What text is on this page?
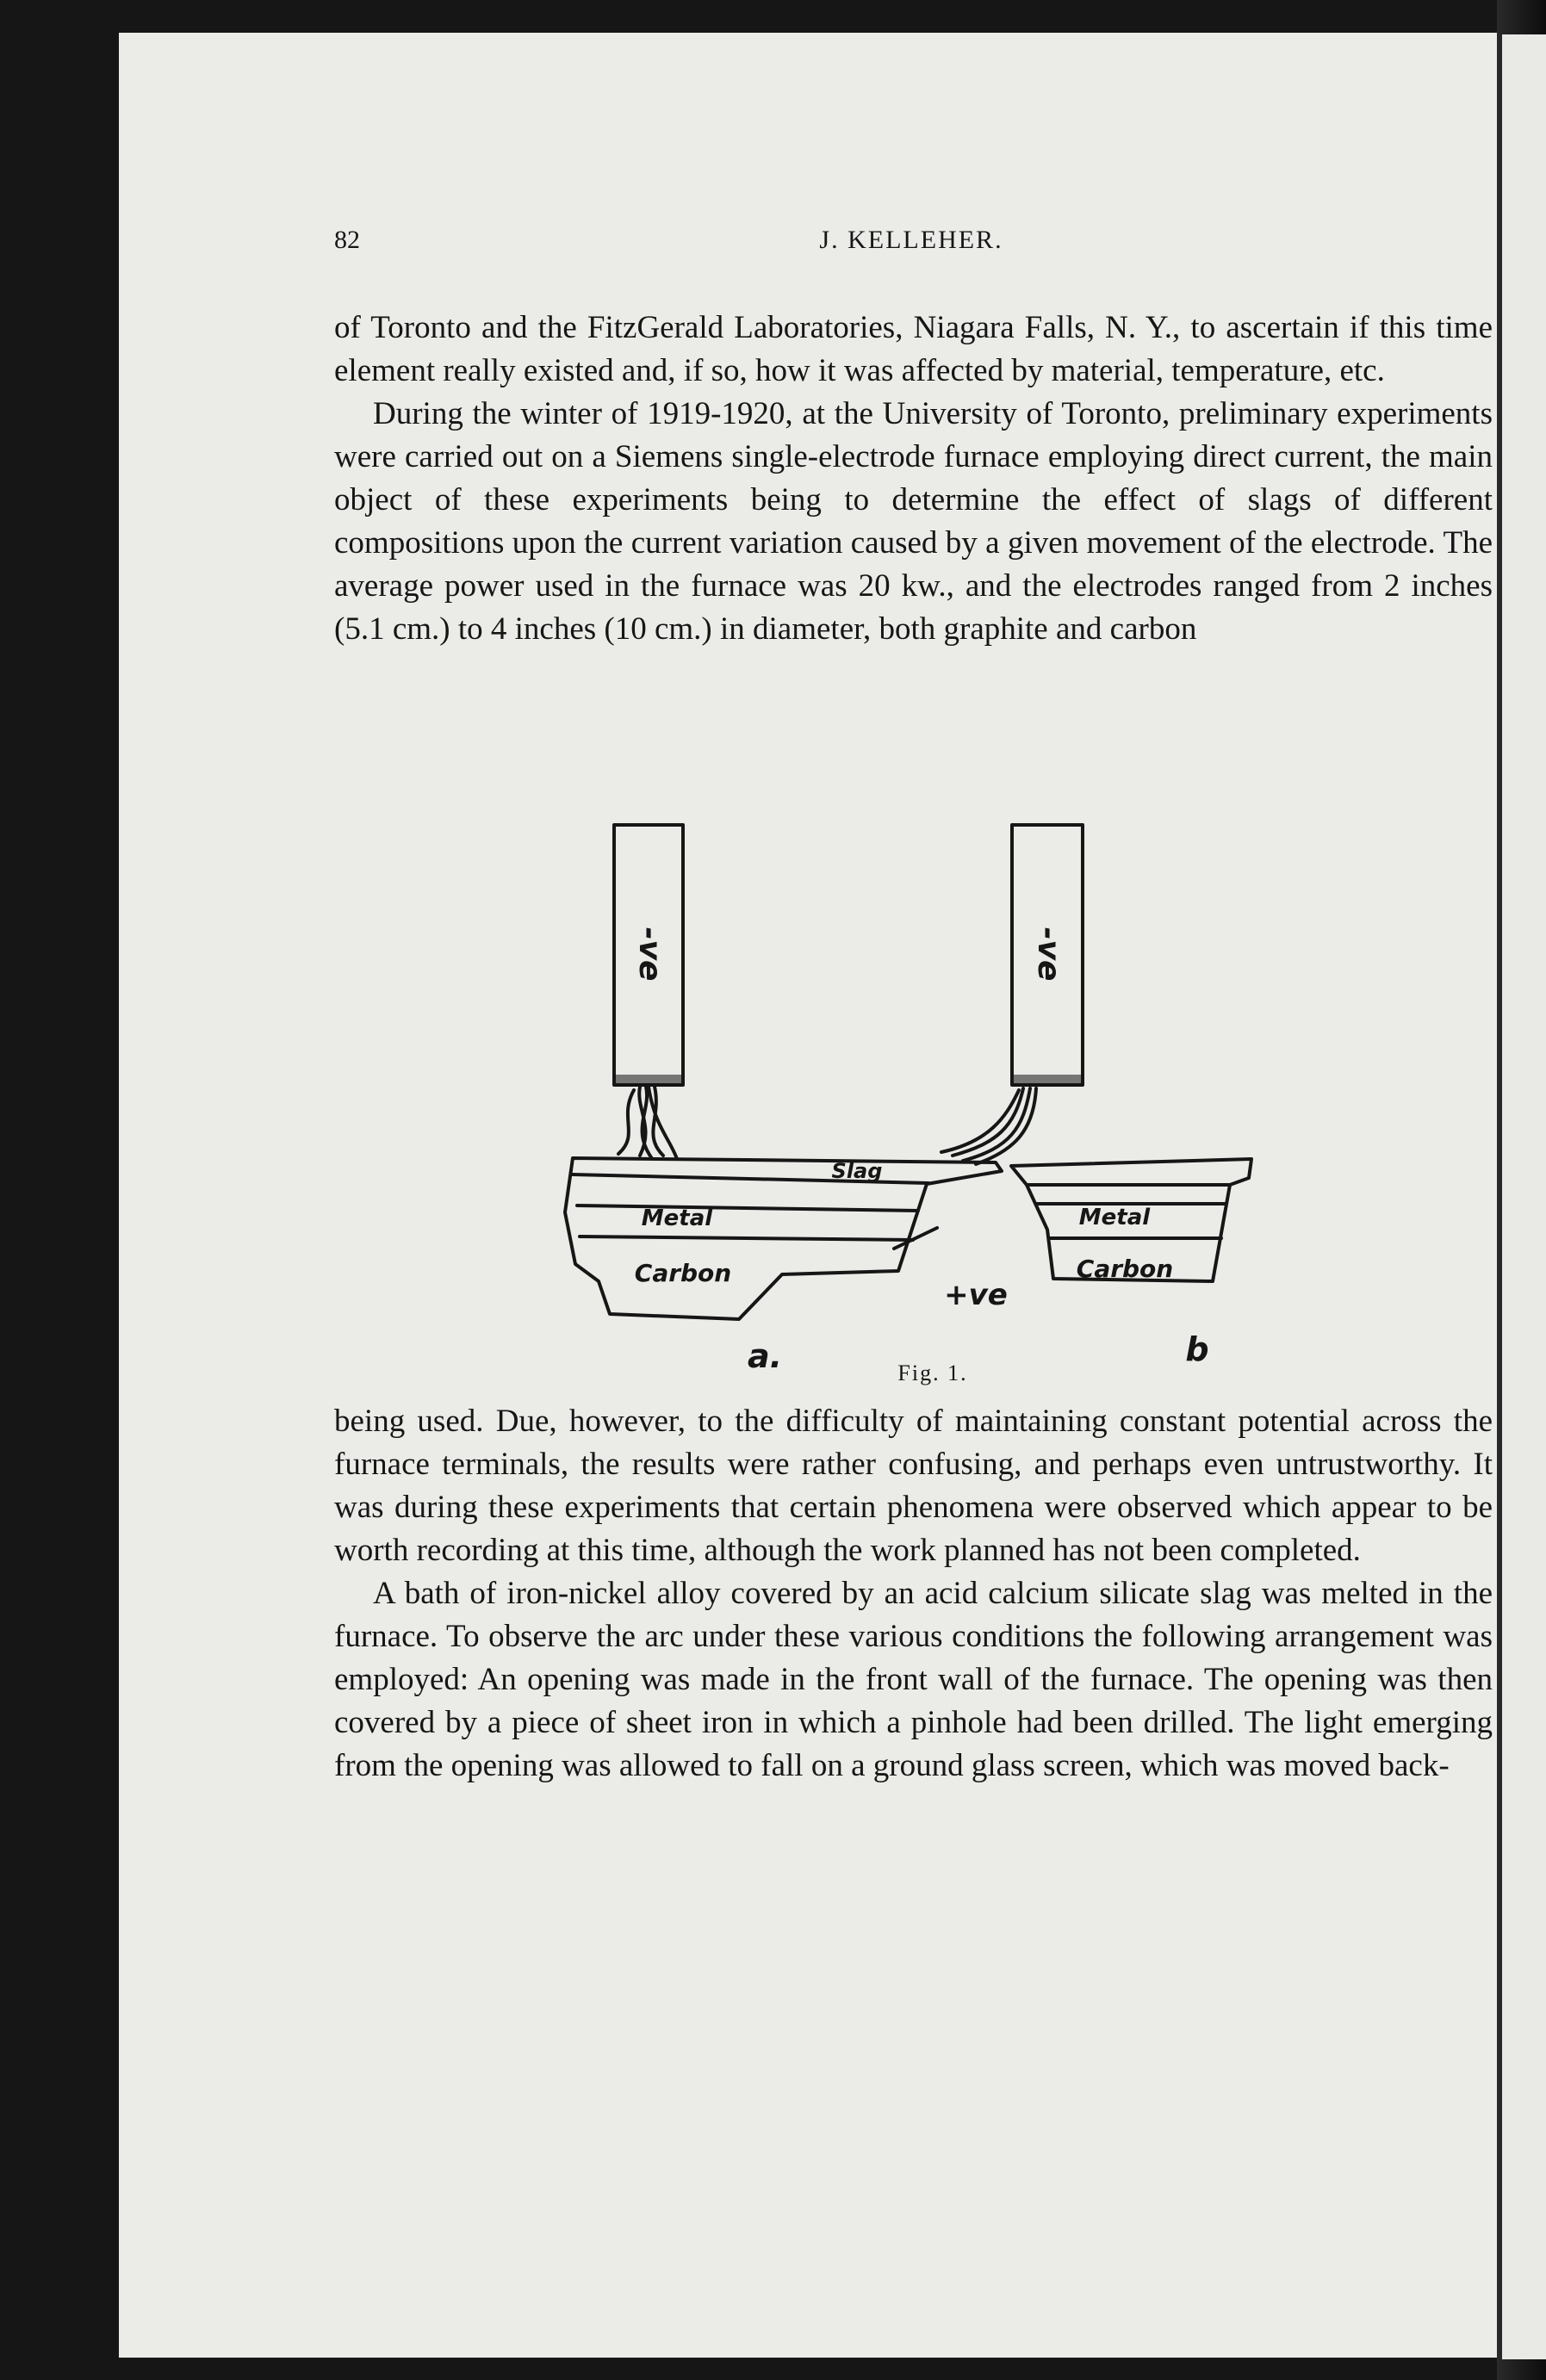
82	J. KELLEHER.

of Toronto and the FitzGerald Laboratories, Niagara Falls, N. Y., to ascertain if this time element really existed and, if so, how it was affected by material, temperature, etc.

During the winter of 1919-1920, at the University of Toronto, preliminary experiments were carried out on a Siemens single-electrode furnace employing direct current, the main object of these experiments being to determine the effect of slags of different compositions upon the current variation caused by a given movement of the electrode. The average power used in the furnace was 20 kw., and the electrodes ranged from 2 inches (5.1 cm.) to 4 inches (10 cm.) in diameter, both graphite and carbon

-ve	-ve
Slag
Metal	Metal
Carbon	Carbon
+ve
a.	b
Fig. 1.

being used. Due, however, to the difficulty of maintaining constant potential across the furnace terminals, the results were rather confusing, and perhaps even untrustworthy. It was during these experiments that certain phenomena were observed which appear to be worth recording at this time, although the work planned has not been completed.

A bath of iron-nickel alloy covered by an acid calcium silicate slag was melted in the furnace. To observe the arc under these various conditions the following arrangement was employed: An opening was made in the front wall of the furnace. The opening was then covered by a piece of sheet iron in which a pinhole had been drilled. The light emerging from the opening was allowed to fall on a ground glass screen, which was moved back-
